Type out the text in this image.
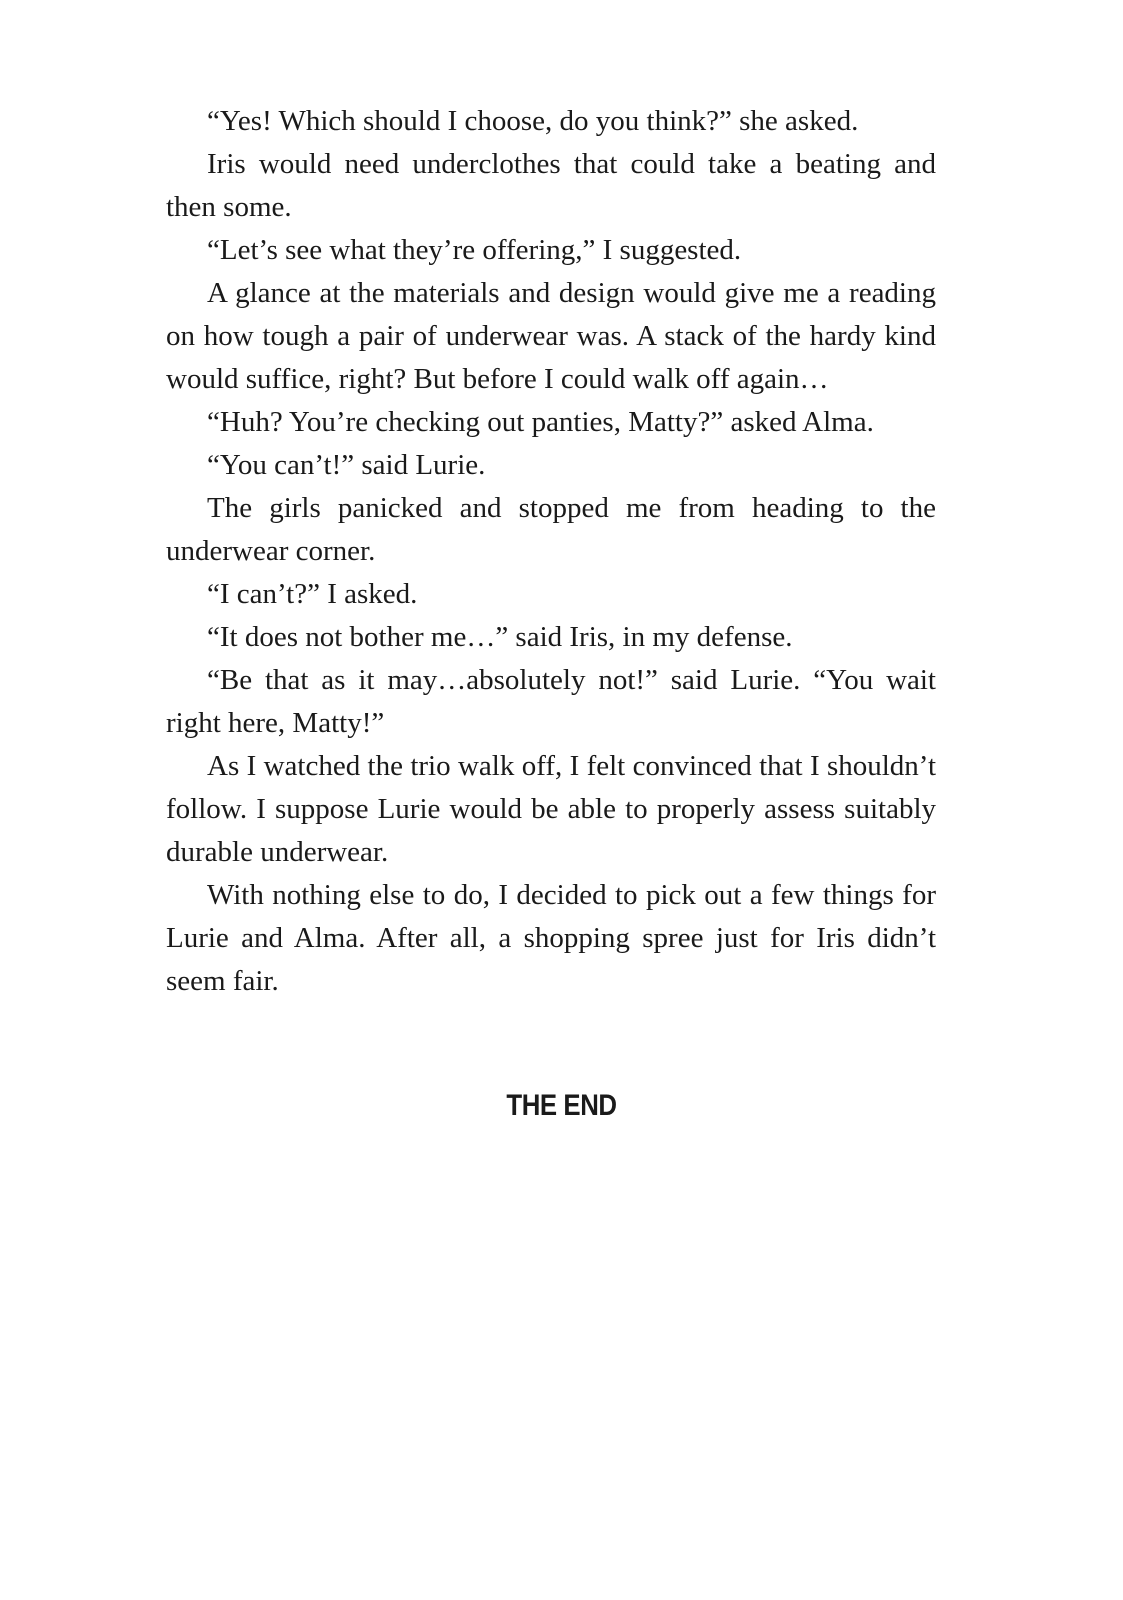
“Yes! Which should I choose, do you think?” she asked.

Iris would need underclothes that could take a beating and then some.

“Let’s see what they’re offering,” I suggested.

A glance at the materials and design would give me a reading on how tough a pair of underwear was. A stack of the hardy kind would suffice, right? But before I could walk off again…

“Huh? You’re checking out panties, Matty?” asked Alma.

“You can’t!” said Lurie.

The girls panicked and stopped me from heading to the underwear corner.

“I can’t?” I asked.

“It does not bother me…” said Iris, in my defense.

“Be that as it may…absolutely not!” said Lurie. “You wait right here, Matty!”

As I watched the trio walk off, I felt convinced that I shouldn’t follow. I suppose Lurie would be able to properly assess suitably durable underwear.

With nothing else to do, I decided to pick out a few things for Lurie and Alma. After all, a shopping spree just for Iris didn’t seem fair.

THE END
